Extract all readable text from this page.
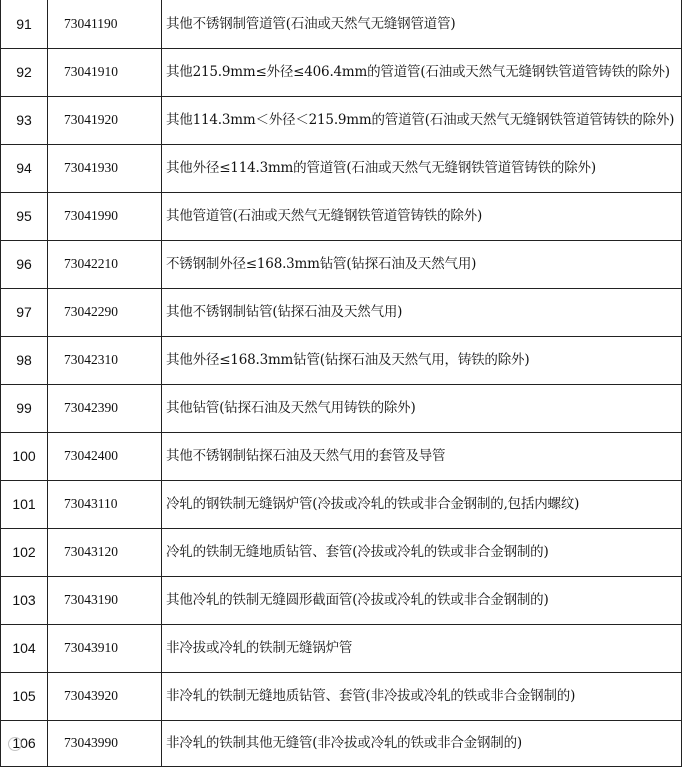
91	73041190	其他不锈钢制管道管(石油或天然气无缝钢管道管)
92	73041910	其他215.9mm≤外径≤406.4mm的管道管(石油或天然气无缝钢铁管道管铸铁的除外)
93	73041920	其他114.3mm＜外径＜215.9mm的管道管(石油或天然气无缝钢铁管道管铸铁的除外)
94	73041930	其他外径≤114.3mm的管道管(石油或天然气无缝钢铁管道管铸铁的除外)
95	73041990	其他管道管(石油或天然气无缝钢铁管道管铸铁的除外)
96	73042210	不锈钢制外径≤168.3mm钻管(钻探石油及天然气用)
97	73042290	其他不锈钢制钻管(钻探石油及天然气用)
98	73042310	其他外径≤168.3mm钻管(钻探石油及天然气用，铸铁的除外)
99	73042390	其他钻管(钻探石油及天然气用铸铁的除外)
100	73042400	其他不锈钢制钻探石油及天然气用的套管及导管
101	73043110	冷轧的钢铁制无缝锅炉管(冷拔或冷轧的铁或非合金钢制的,包括内螺纹)
102	73043120	冷轧的铁制无缝地质钻管、套管(冷拔或冷轧的铁或非合金钢制的)
103	73043190	其他冷轧的铁制无缝圆形截面管(冷拔或冷轧的铁或非合金钢制的)
104	73043910	非冷拔或冷轧的铁制无缝锅炉管
105	73043920	非冷轧的铁制无缝地质钻管、套管(非冷拔或冷轧的铁或非合金钢制的)
106	73043990	非冷轧的铁制其他无缝管(非冷拔或冷轧的铁或非合金钢制的)
